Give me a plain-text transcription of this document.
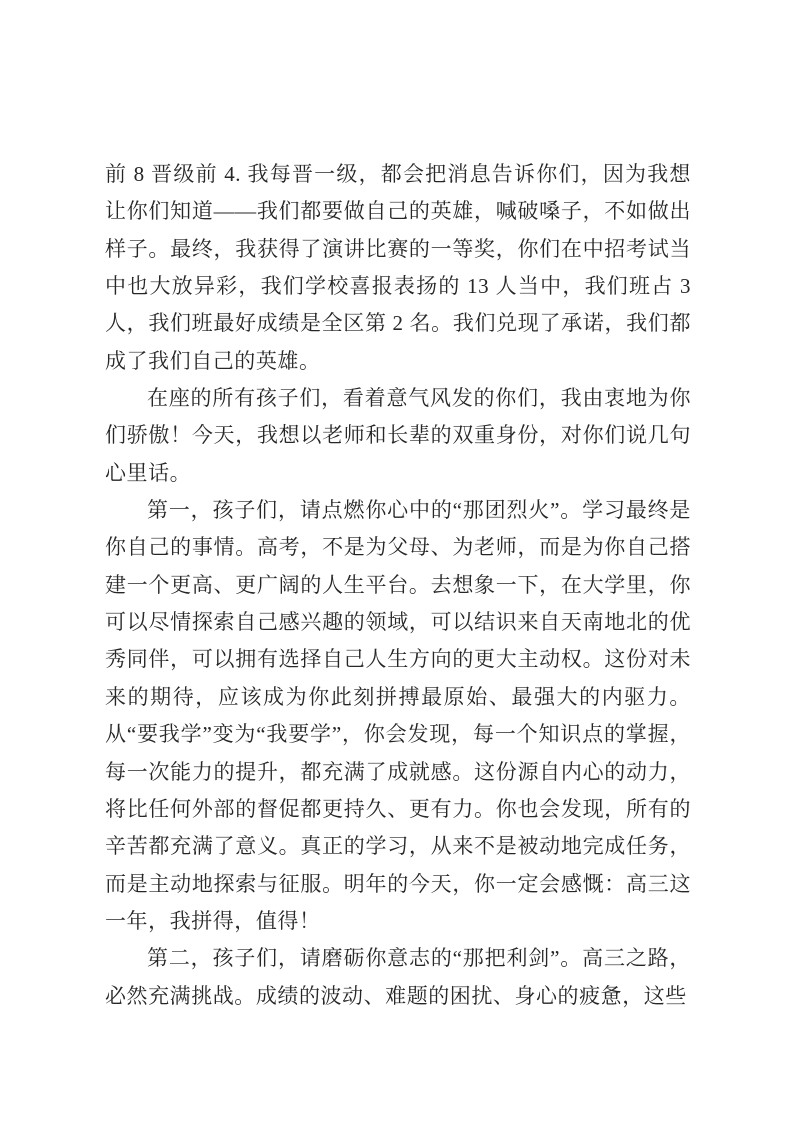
前 8 晋级前 4. 我每晋一级，都会把消息告诉你们，因为我想让你们知道——我们都要做自己的英雄，喊破嗓子，不如做出样子。最终，我获得了演讲比赛的一等奖，你们在中招考试当中也大放异彩，我们学校喜报表扬的 13 人当中，我们班占 3 人，我们班最好成绩是全区第 2 名。我们兑现了承诺，我们都成了我们自己的英雄。

在座的所有孩子们，看着意气风发的你们，我由衷地为你们骄傲！今天，我想以老师和长辈的双重身份，对你们说几句心里话。

第一，孩子们，请点燃你心中的“那团烈火”。学习最终是你自己的事情。高考，不是为父母、为老师，而是为你自己搭建一个更高、更广阔的人生平台。去想象一下，在大学里，你可以尽情探索自己感兴趣的领域，可以结识来自天南地北的优秀同伴，可以拥有选择自己人生方向的更大主动权。这份对未来的期待，应该成为你此刻拼搏最原始、最强大的内驱力。从“要我学”变为“我要学”，你会发现，每一个知识点的掌握，每一次能力的提升，都充满了成就感。这份源自内心的动力，将比任何外部的督促都更持久、更有力。你也会发现，所有的辛苦都充满了意义。真正的学习，从来不是被动地完成任务，而是主动地探索与征服。明年的今天，你一定会感慨：高三这一年，我拼得，值得！

第二，孩子们，请磨砺你意志的“那把利剑”。高三之路，必然充满挑战。成绩的波动、难题的困扰、身心的疲惫，这些
